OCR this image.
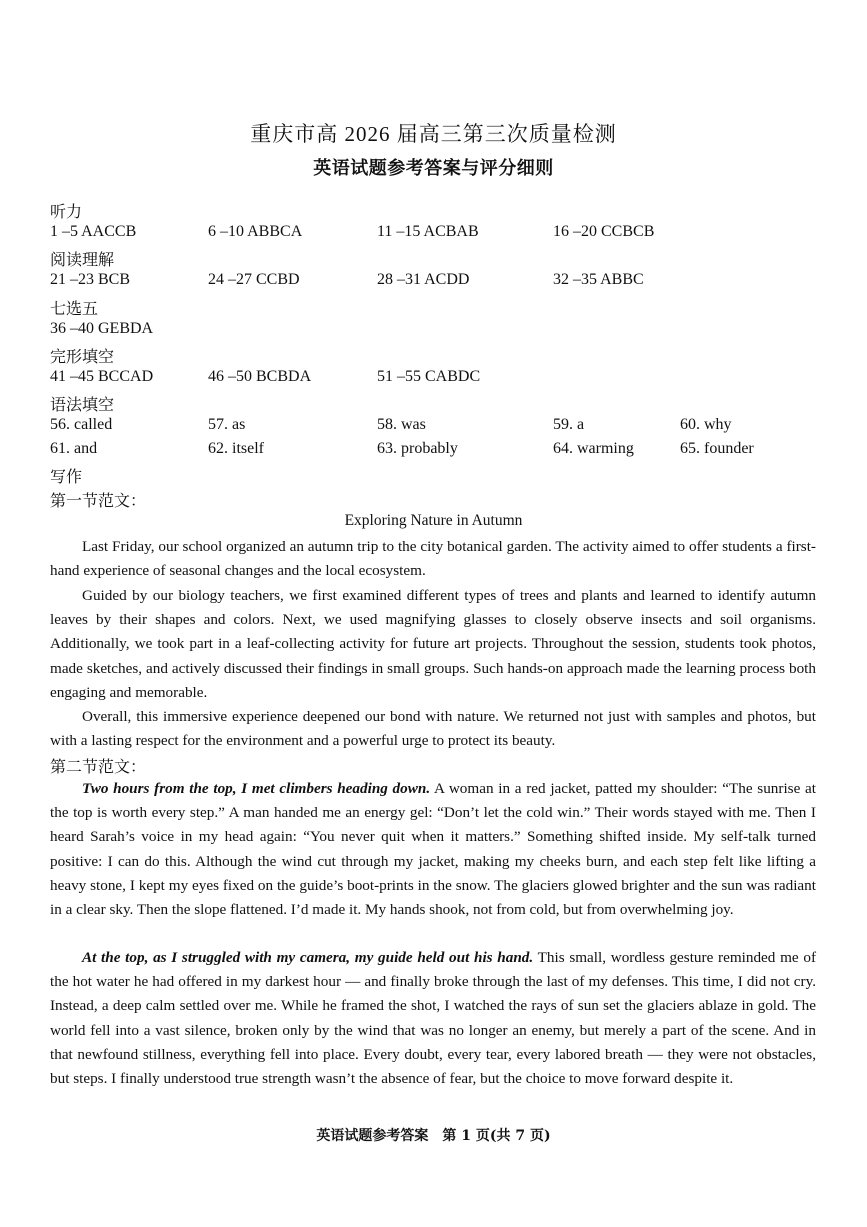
重庆市高 2026 届高三第三次质量检测
英语试题参考答案与评分细则
听力
1 –5 AACCB	6 –10 ABBCA	11 –15 ACBAB	16 –20 CCBCB
阅读理解
21 –23 BCB	24 –27 CCBD	28 –31 ACDD	32 –35 ABBC
七选五
36 –40 GEBDA
完形填空
41 –45 BCCAD	46 –50 BCBDA	51 –55 CABDC
语法填空
56. called	57. as	58. was	59. a	60. why
61. and	62. itself	63. probably	64. warming	65. founder
写作
第一节范文：
Exploring Nature in Autumn

Last Friday, our school organized an autumn trip to the city botanical garden. The activity aimed to offer students a first-hand experience of seasonal changes and the local ecosystem.

Guided by our biology teachers, we first examined different types of trees and plants and learned to identify autumn leaves by their shapes and colors. Next, we used magnifying glasses to closely observe insects and soil organisms. Additionally, we took part in a leaf-collecting activity for future art projects. Throughout the session, students took photos, made sketches, and actively discussed their findings in small groups. Such hands-on approach made the learning process both engaging and memorable.

Overall, this immersive experience deepened our bond with nature. We returned not just with samples and photos, but with a lasting respect for the environment and a powerful urge to protect its beauty.

第二节范文：

Two hours from the top, I met climbers heading down. A woman in a red jacket, patted my shoulder: “The sunrise at the top is worth every step.” A man handed me an energy gel: “Don’t let the cold win.” Their words stayed with me. Then I heard Sarah’s voice in my head again: “You never quit when it matters.” Something shifted inside. My self-talk turned positive: I can do this. Although the wind cut through my jacket, making my cheeks burn, and each step felt like lifting a heavy stone, I kept my eyes fixed on the guide’s boot-prints in the snow. The glaciers glowed brighter and the sun was radiant in a clear sky. Then the slope flattened. I’d made it. My hands shook, not from cold, but from overwhelming joy.

At the top, as I struggled with my camera, my guide held out his hand. This small, wordless gesture reminded me of the hot water he had offered in my darkest hour — and finally broke through the last of my defenses. This time, I did not cry. Instead, a deep calm settled over me. While he framed the shot, I watched the rays of sun set the glaciers ablaze in gold. The world fell into a vast silence, broken only by the wind that was no longer an enemy, but merely a part of the scene. And in that newfound stillness, everything fell into place. Every doubt, every tear, every labored breath — they were not obstacles, but steps. I finally understood true strength wasn’t the absence of fear, but the choice to move forward despite it.

英语试题参考答案　第 1 页(共 7 页)
